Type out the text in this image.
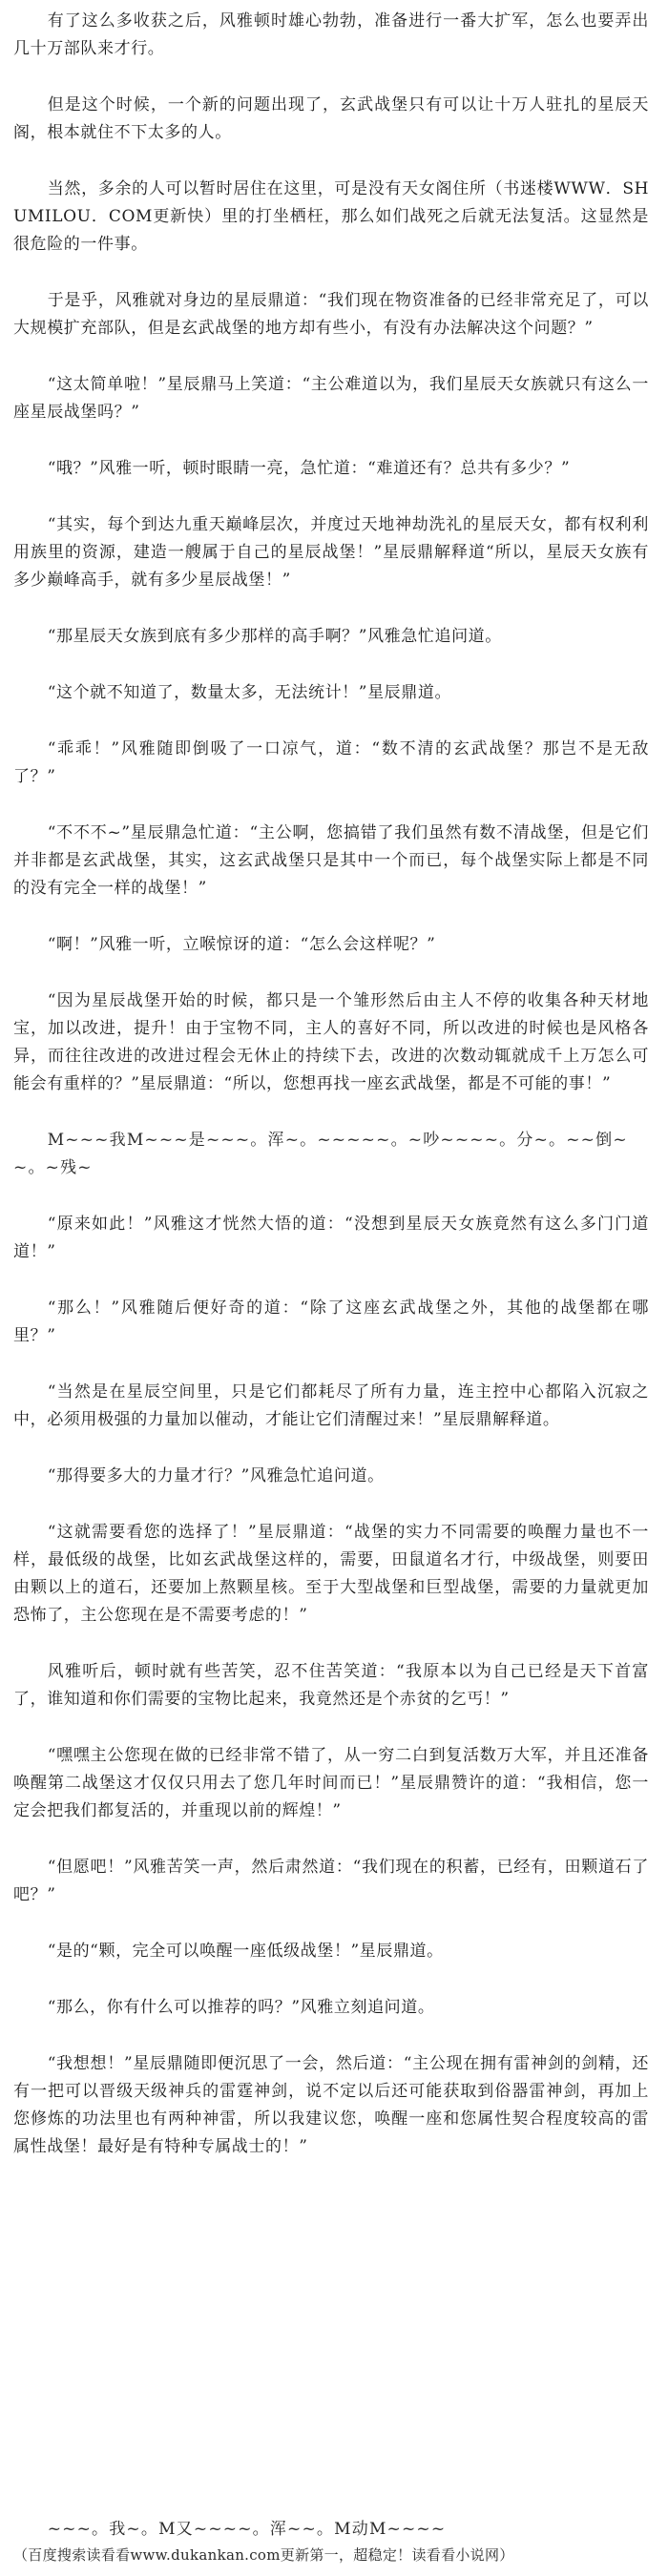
有了这么多收获之后，风雅顿时雄心勃勃，准备进行一番大扩军，怎么也要弄出几十万部队来才行。

但是这个时候，一个新的问题出现了，玄武战堡只有可以让十万人驻扎的星辰天阁，根本就住不下太多的人。

当然，多余的人可以暂时居住在这里，可是没有天女阁住所（书迷楼WWW．SHUMILOU．COM更新快）里的打坐栖枉，那么如们战死之后就无法复活。这显然是很危险的一件事。

于是乎，风雅就对身边的星辰鼎道：“我们现在物资准备的已经非常充足了，可以大规模扩充部队，但是玄武战堡的地方却有些小，有没有办法解决这个问题？”

“这太简单啦！”星辰鼎马上笑道：“主公难道以为，我们星辰天女族就只有这么一座星辰战堡吗？”

“哦？”风雅一听，顿时眼睛一亮，急忙道：“难道还有？总共有多少？”

“其实，每个到达九重天巅峰层次，并度过天地神劫洗礼的星辰天女，都有权利利用族里的资源，建造一艘属于自己的星辰战堡！”星辰鼎解释道“所以，星辰天女族有多少巅峰高手，就有多少星辰战堡！”

“那星辰天女族到底有多少那样的高手啊？”风雅急忙追问道。

“这个就不知道了，数量太多，无法统计！”星辰鼎道。

“乖乖！”风雅随即倒吸了一口凉气，道：“数不清的玄武战堡？那岂不是无敌了？”

“不不不~”星辰鼎急忙道：“主公啊，您搞错了我们虽然有数不清战堡，但是它们并非都是玄武战堡，其实，这玄武战堡只是其中一个而已，每个战堡实际上都是不同的没有完全一样的战堡！”

“啊！”风雅一听，立喉惊讶的道：“怎么会这样呢？”

“因为星辰战堡开始的时候，都只是一个雏形然后由主人不停的收集各种天材地宝，加以改进，提升！由于宝物不同，主人的喜好不同，所以改进的时候也是风格各异，而往往改进的改进过程会无休止的持续下去，改进的次数动辄就成千上万怎么可能会有重样的？”星辰鼎道：“所以，您想再找一座玄武战堡，都是不可能的事！”

M~~~我M~~~是~~~。浑~。~~~~~。~吵~~~~。分~。~~倒~~。~残~

“原来如此！”风雅这才恍然大悟的道：“没想到星辰天女族竟然有这么多门门道道！”

“那么！”风雅随后便好奇的道：“除了这座玄武战堡之外，其他的战堡都在哪里？”

“当然是在星辰空间里，只是它们都耗尽了所有力量，连主控中心都陷入沉寂之中，必须用极强的力量加以催动，才能让它们清醒过来！”星辰鼎解释道。

“那得要多大的力量才行？”风雅急忙追问道。

“这就需要看您的选择了！”星辰鼎道：“战堡的实力不同需要的唤醒力量也不一样，最低级的战堡，比如玄武战堡这样的，需要，田鼠道名才行，中级战堡，则要田由颗以上的道石，还要加上熬颗星核。至于大型战堡和巨型战堡，需要的力量就更加恐怖了，主公您现在是不需要考虑的！”

风雅听后，顿时就有些苦笑，忍不住苦笑道：“我原本以为自己已经是天下首富了，谁知道和你们需要的宝物比起来，我竟然还是个赤贫的乞丐！”

“嘿嘿主公您现在做的已经非常不错了，从一穷二白到复活数万大军，并且还准备唤醒第二战堡这才仅仅只用去了您几年时间而已！”星辰鼎赞许的道：“我相信，您一定会把我们都复活的，并重现以前的辉煌！”

“但愿吧！”风雅苦笑一声，然后肃然道：“我们现在的积蓄，已经有，田颗道石了吧？”

“是的“颗，完全可以唤醒一座低级战堡！”星辰鼎道。

“那么，你有什么可以推荐的吗？”风雅立刻追问道。

“我想想！”星辰鼎随即便沉思了一会，然后道：“主公现在拥有雷神剑的剑精，还有一把可以晋级天级神兵的雷霆神剑，说不定以后还可能获取到俗器雷神剑，再加上您修炼的功法里也有两种神雷，所以我建议您，唤醒一座和您属性契合程度较高的雷属性战堡！最好是有特种专属战士的！”

~~~。我~。M又~~~~。浑~~。M动M~~~~

（百度搜索读看看www.dukankan.com更新第一，超稳定！读看看小说网）
